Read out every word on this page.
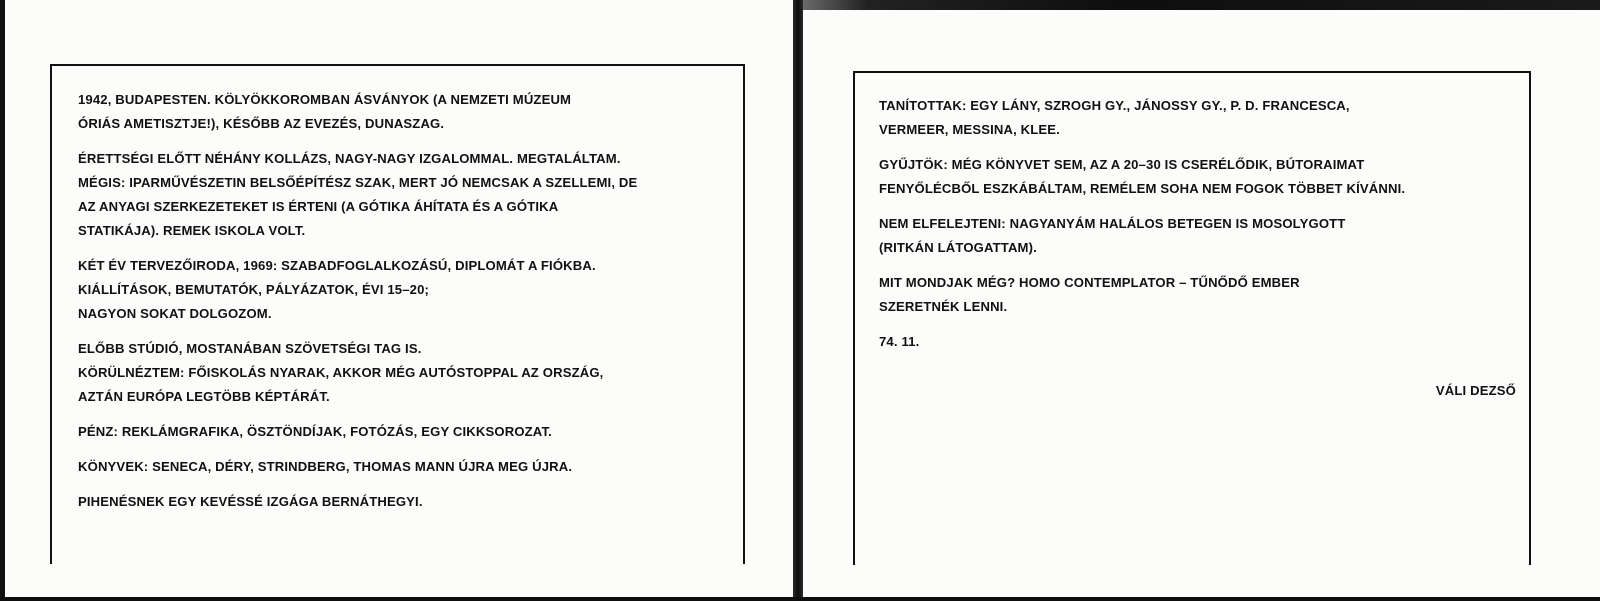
1942, BUDAPESTEN. KÖLYÖKKOROMBAN ÁSVÁNYOK (A NEMZETI MÚZEUM
ÓRIÁS AMETISZTJE!), KÉSŐBB AZ EVEZÉS, DUNASZAG.
ÉRETTSÉGI ELŐTT NÉHÁNY KOLLÁZS, NAGY-NAGY IZGALOMMAL. MEGTALÁLTAM.
MÉGIS: IPARMŰVÉSZETIN BELSŐÉPÍTÉSZ SZAK, MERT JÓ NEMCSAK A SZELLEMI, DE
AZ ANYAGI SZERKEZETEKET IS ÉRTENI (A GÓTIKA ÁHÍTATA ÉS A GÓTIKA
STATIKÁJA). REMEK ISKOLA VOLT.
KÉT ÉV TERVEZŐIRODA, 1969: SZABADFOGLALKOZÁSÚ, DIPLOMÁT A FIÓKBA.
KIÁLLÍTÁSOK, BEMUTATÓK, PÁLYÁZATOK, ÉVI 15–20;
NAGYON SOKAT DOLGOZOM.
ELŐBB STÚDIÓ, MOSTANÁBAN SZÖVETSÉGI TAG IS.
KÖRÜLNÉZTEM: FŐISKOLÁS NYARAK, AKKOR MÉG AUTÓSTOPPAL AZ ORSZÁG,
AZTÁN EURÓPA LEGTÖBB KÉPTÁRÁT.
PÉNZ: REKLÁMGRAFIKA, ÖSZTÖNDÍJAK, FOTÓZÁS, EGY CIKKSOROZAT.
KÖNYVEK: SENECA, DÉRY, STRINDBERG, THOMAS MANN ÚJRA MEG ÚJRA.
PIHENÉSNEK EGY KEVÉSSÉ IZGÁGA BERNÁTHEGYI.
TANÍTOTTAK: EGY LÁNY, SZROGH GY., JÁNOSSY GY., P. D. FRANCESCA,
VERMEER, MESSINA, KLEE.
GYŰJTÖK: MÉG KÖNYVET SEM, AZ A 20–30 IS CSERÉLŐDIK, BÚTORAIMAT
FENYŐLÉCBŐL ESZKÁBÁLTAM, REMÉLEM SOHA NEM FOGOK TÖBBET KÍVÁNNI.
NEM ELFELEJTENI: NAGYANYÁM HALÁLOS BETEGEN IS MOSOLYGOTT
(RITKÁN LÁTOGATTAM).
MIT MONDJAK MÉG? HOMO CONTEMPLATOR – TŰNŐDŐ EMBER
SZERETNÉK LENNI.
74. 11.
VÁLI DEZSŐ
